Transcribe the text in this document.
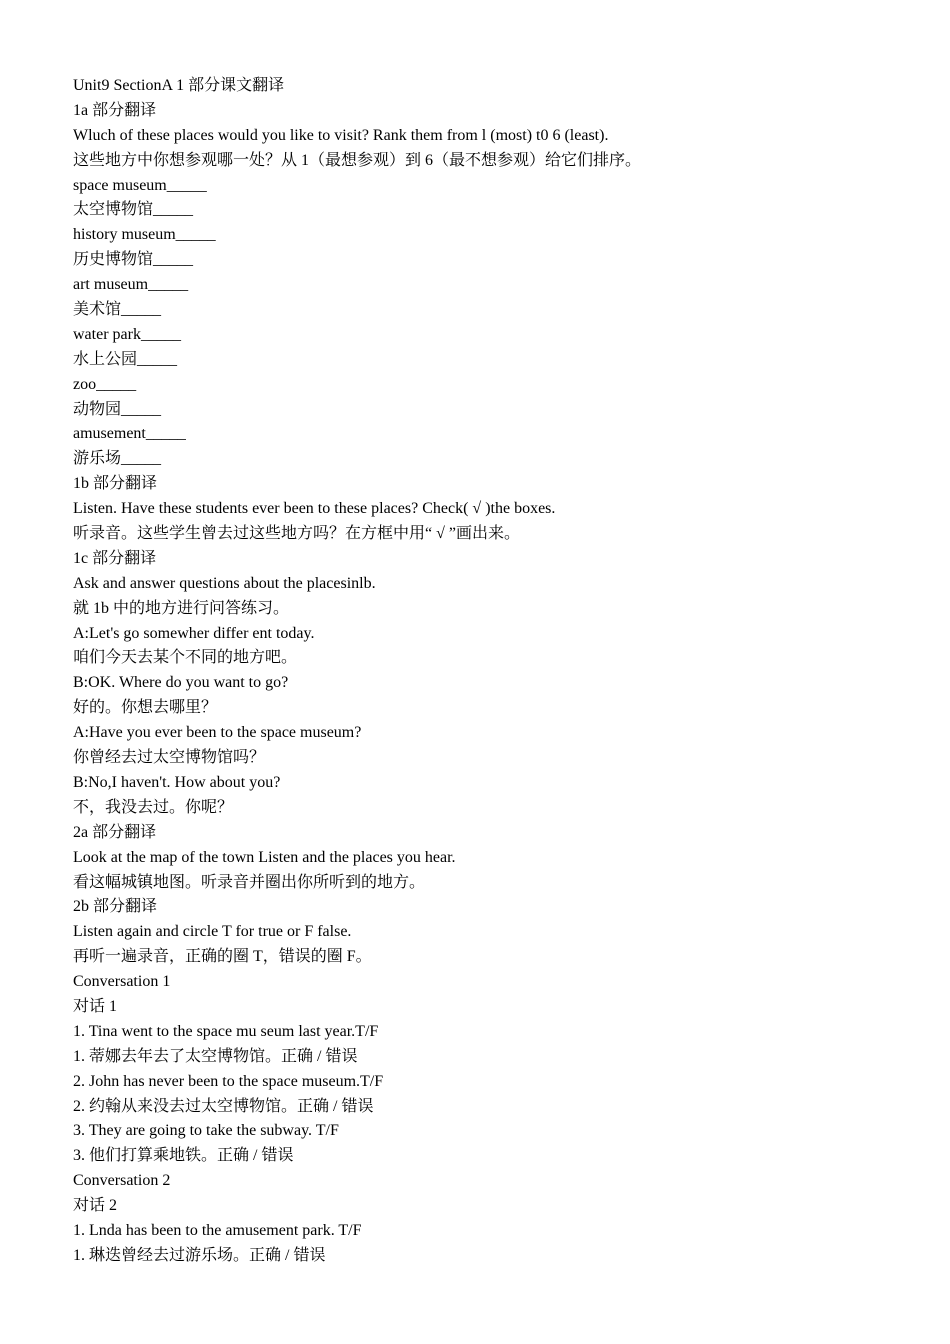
Unit9 SectionA 1 部分课文翻译

1a 部分翻译

Wluch of these places would you like to visit? Rank them from l (most) t0 6 (least).

这些地方中你想参观哪一处？从 1（最想参观）到 6（最不想参观）给它们排序。

space museum_____

太空博物馆_____

history museum_____

历史博物馆_____

art museum_____

美术馆_____

water park_____

水上公园_____

zoo_____

动物园_____

amusement_____

游乐场_____

1b 部分翻译

Listen. Have these students ever been to these places? Check( √ )the boxes.

听录音。这些学生曾去过这些地方吗？在方框中用“ √ ”画出来。

1c 部分翻译

Ask and answer questions about the placesinlb.

就 1b 中的地方进行问答练习。

A:Let's go somewher differ ent today.

咱们今天去某个不同的地方吧。

B:OK. Where do you want to go?

好的。你想去哪里？

A:Have you ever been to the space museum?

你曾经去过太空博物馆吗？

B:No,I haven't. How about you?

不，我没去过。你呢？

2a 部分翻译

Look at the map of the town Listen and the places you hear.

看这幅城镇地图。听录音并圈出你所听到的地方。

2b 部分翻译

Listen again and circle T for true or F false.

再听一遍录音，正确的圈 T，错误的圈 F。

Conversation 1

对话 1

1. Tina went to the space mu seum last year.T/F

1. 蒂娜去年去了太空博物馆。正确 / 错误

2. John has never been to the space museum.T/F

2. 约翰从来没去过太空博物馆。正确 / 错误

3. They are going to take the subway. T/F

3. 他们打算乘地铁。正确 / 错误

Conversation 2

对话 2

1. Lnda has been to the amusement park. T/F

1. 琳迭曾经去过游乐场。正确 / 错误
